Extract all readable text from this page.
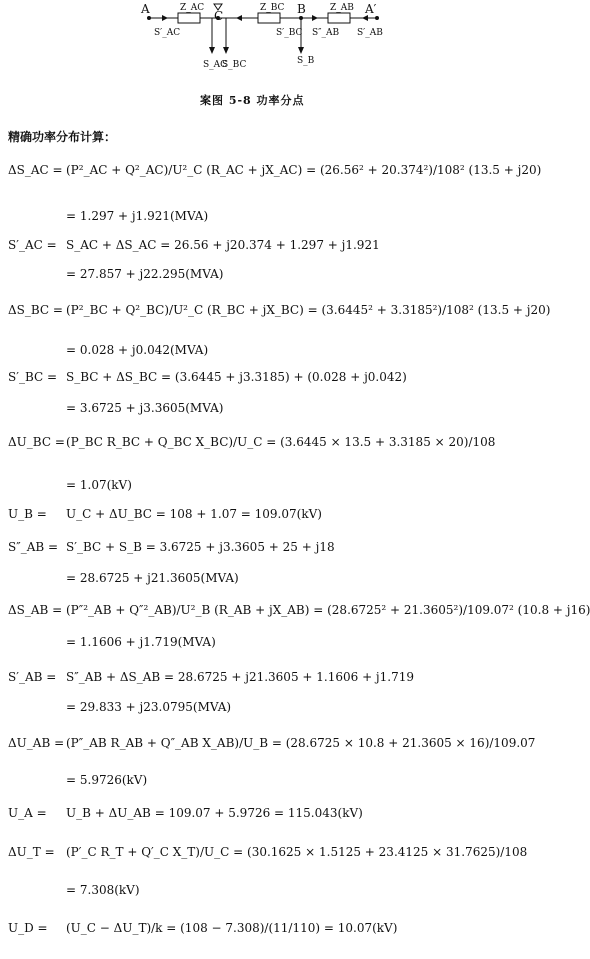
A	Z_AC
C
Z_BC B	Z_AB A′
S′_AC	S′_BC S″_AB S′_AB
S_AC
S_BC	S_B
案图 5-8 功率分点
精确功率分布计算：
ΔS_AC = (P²_AC + Q²_AC)/U²_C (R_AC + jX_AC) = (26.56² + 20.374²)/108² (13.5 + j20)
= 1.297 + j1.921(MVA)
S′_AC = S_AC + ΔS_AC = 26.56 + j20.374 + 1.297 + j1.921
= 27.857 + j22.295(MVA)
ΔS_BC = (P²_BC + Q²_BC)/U²_C (R_BC + jX_BC) = (3.6445² + 3.3185²)/108² (13.5 + j20)
= 0.028 + j0.042(MVA)
S′_BC = S_BC + ΔS_BC = (3.6445 + j3.3185) + (0.028 + j0.042)
= 3.6725 + j3.3605(MVA)
ΔU_BC = (P_BC R_BC + Q_BC X_BC)/U_C = (3.6445 × 13.5 + 3.3185 × 20)/108
= 1.07(kV)
U_B = U_C + ΔU_BC = 108 + 1.07 = 109.07(kV)
S″_AB = S′_BC + S_B = 3.6725 + j3.3605 + 25 + j18
= 28.6725 + j21.3605(MVA)
ΔS_AB = (P″²_AB + Q″²_AB)/U²_B (R_AB + jX_AB) = (28.6725² + 21.3605²)/109.07² (10.8 + j16)
= 1.1606 + j1.719(MVA)
S′_AB = S″_AB + ΔS_AB = 28.6725 + j21.3605 + 1.1606 + j1.719
= 29.833 + j23.0795(MVA)
ΔU_AB = (P″_AB R_AB + Q″_AB X_AB)/U_B = (28.6725 × 10.8 + 21.3605 × 16)/109.07
= 5.9726(kV)
U_A = U_B + ΔU_AB = 109.07 + 5.9726 = 115.043(kV)
ΔU_T = (P′_C R_T + Q′_C X_T)/U_C = (30.1625 × 1.5125 + 23.4125 × 31.7625)/108
= 7.308(kV)
U_D = (U_C − ΔU_T)/k = (108 − 7.308)/(11/110) = 10.07(kV)
